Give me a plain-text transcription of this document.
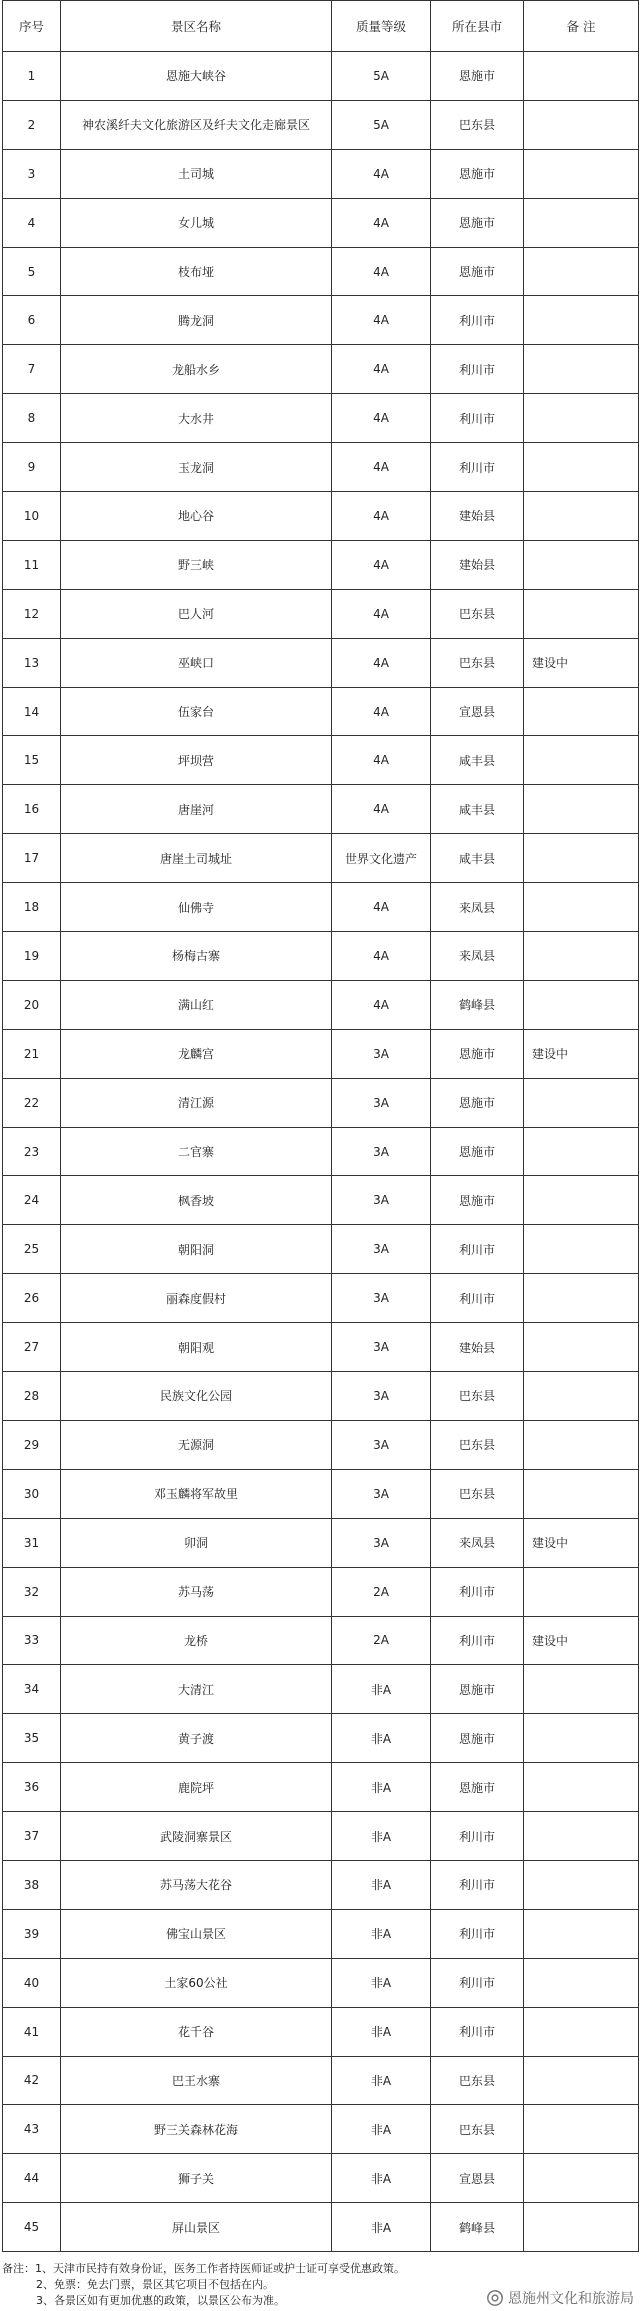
序号	景区名称	质量等级	所在县市	备 注
1	恩施大峡谷	5A	恩施市	
2	神农溪纤夫文化旅游区及纤夫文化走廊景区	5A	巴东县	
3	土司城	4A	恩施市	
4	女儿城	4A	恩施市	
5	枝布垭	4A	恩施市	
6	腾龙洞	4A	利川市	
7	龙船水乡	4A	利川市	
8	大水井	4A	利川市	
9	玉龙洞	4A	利川市	
10	地心谷	4A	建始县	
11	野三峡	4A	建始县	
12	巴人河	4A	巴东县	
13	巫峡口	4A	巴东县	建设中
14	伍家台	4A	宣恩县	
15	坪坝营	4A	咸丰县	
16	唐崖河	4A	咸丰县	
17	唐崖土司城址	世界文化遗产	咸丰县	
18	仙佛寺	4A	来凤县	
19	杨梅古寨	4A	来凤县	
20	满山红	4A	鹤峰县	
21	龙麟宫	3A	恩施市	建设中
22	清江源	3A	恩施市	
23	二官寨	3A	恩施市	
24	枫香坡	3A	恩施市	
25	朝阳洞	3A	利川市	
26	丽森度假村	3A	利川市	
27	朝阳观	3A	建始县	
28	民族文化公园	3A	巴东县	
29	无源洞	3A	巴东县	
30	邓玉麟将军故里	3A	巴东县	
31	卯洞	3A	来凤县	建设中
32	苏马荡	2A	利川市	
33	龙桥	2A	利川市	建设中
34	大清江	非A	恩施市	
35	黄子渡	非A	恩施市	
36	鹿院坪	非A	恩施市	
37	武陵洞寨景区	非A	利川市	
38	苏马荡大花谷	非A	利川市	
39	佛宝山景区	非A	利川市	
40	土家60公社	非A	利川市	
41	花千谷	非A	利川市	
42	巴王水寨	非A	巴东县	
43	野三关森林花海	非A	巴东县	
44	狮子关	非A	宣恩县	
45	屏山景区	非A	鹤峰县	
备注：1、天津市民持有效身份证，医务工作者持医师证或护士证可享受优惠政策。
2、免票：免去门票，景区其它项目不包括在内。
3、各景区如有更加优惠的政策，以景区公布为准。	恩施州文化和旅游局
